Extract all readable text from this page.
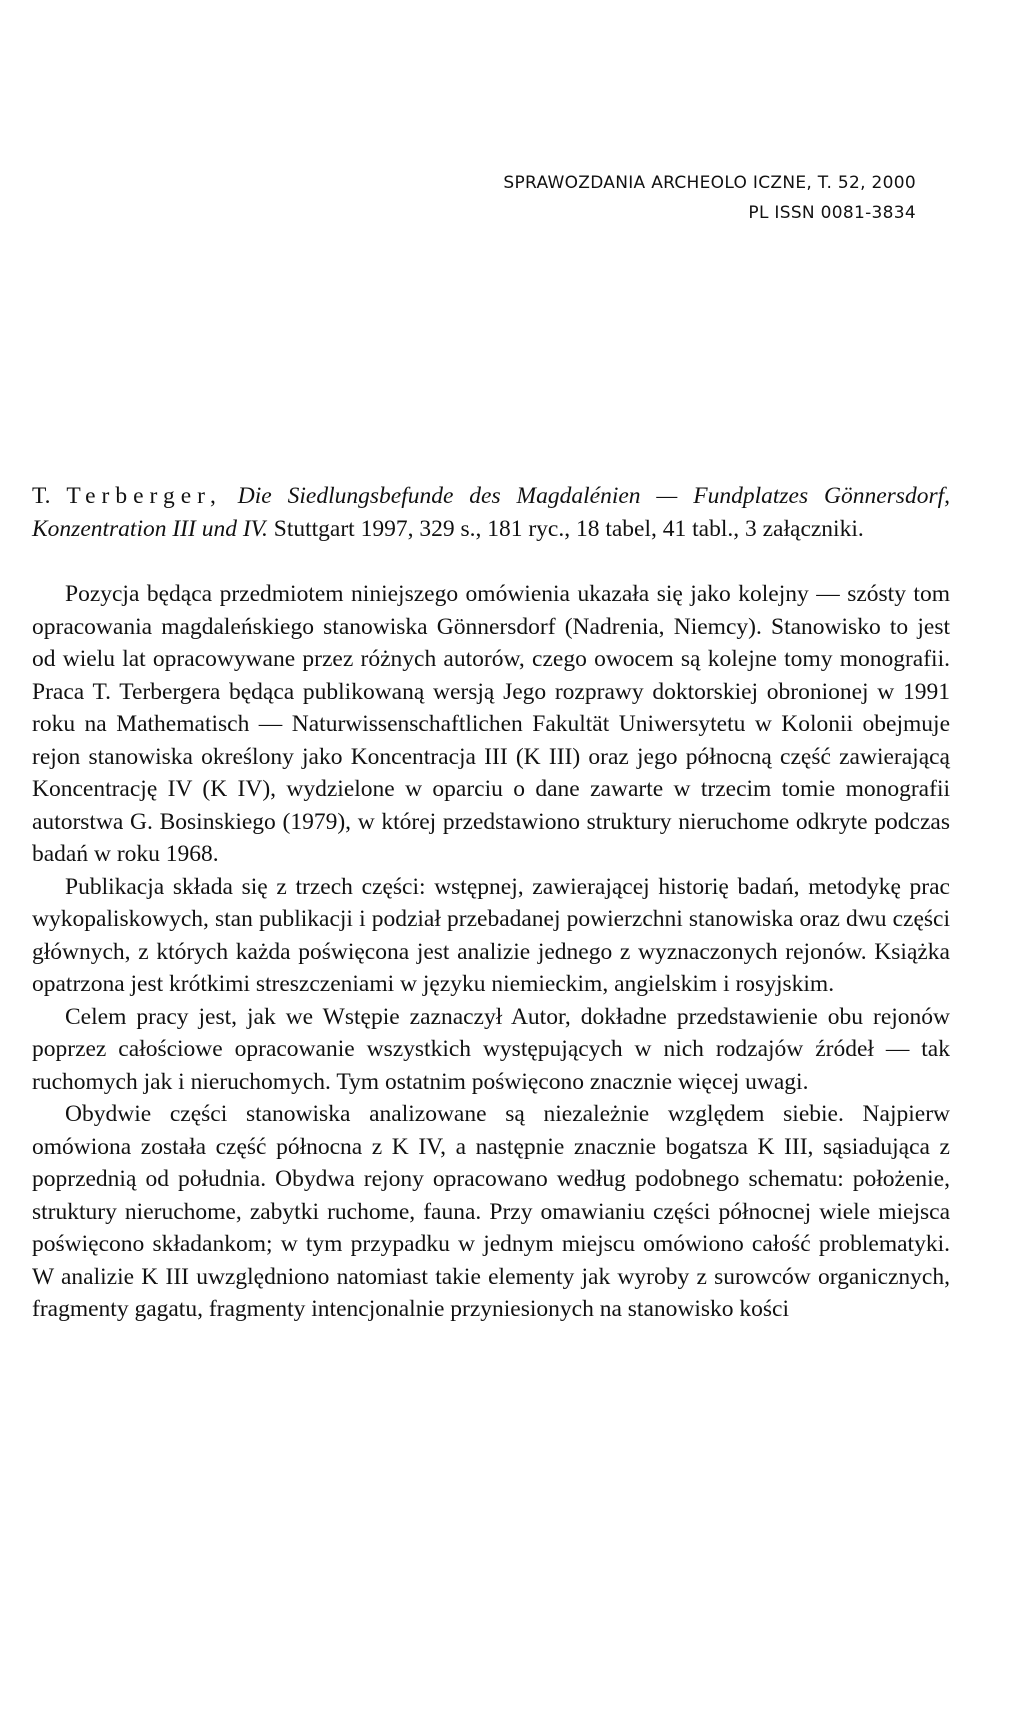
SPRAWOZDANIA ARCHEOLO ICZNE, T. 52, 2000
PL ISSN 0081-3834

T. Terberger, Die Siedlungsbefunde des Magdalénien — Fundplatzes Gönnersdorf, Konzentration III und IV. Stuttgart 1997, 329 s., 181 ryc., 18 tabel, 41 tabl., 3 załączniki.

Pozycja będąca przedmiotem niniejszego omówienia ukazała się jako kolejny — szósty tom opracowania magdaleńskiego stanowiska Gönnersdorf (Nadrenia, Niemcy). Stanowisko to jest od wielu lat opracowywane przez różnych autorów, czego owocem są kolejne tomy monografii. Praca T. Terbergera będąca publikowaną wersją Jego rozprawy doktorskiej obronionej w 1991 roku na Mathematisch — Naturwissenschaftlichen Fakultät Uniwersytetu w Kolonii obejmuje rejon stanowiska określony jako Koncentracja III (K III) oraz jego północną część zawierającą Koncentrację IV (K IV), wydzielone w oparciu o dane zawarte w trzecim tomie monografii autorstwa G. Bosinskiego (1979), w której przedstawiono struktury nieruchome odkryte podczas badań w roku 1968.

Publikacja składa się z trzech części: wstępnej, zawierającej historię badań, metodykę prac wykopaliskowych, stan publikacji i podział przebadanej powierzchni stanowiska oraz dwu części głównych, z których każda poświęcona jest analizie jednego z wyznaczonych rejonów. Książka opatrzona jest krótkimi streszczeniami w języku niemieckim, angielskim i rosyjskim.

Celem pracy jest, jak we Wstępie zaznaczył Autor, dokładne przedstawienie obu rejonów poprzez całościowe opracowanie wszystkich występujących w nich rodzajów źródeł — tak ruchomych jak i nieruchomych. Tym ostatnim poświęcono znacznie więcej uwagi.

Obydwie części stanowiska analizowane są niezależnie względem siebie. Najpierw omówiona została część północna z K IV, a następnie znacznie bogatsza K III, sąsiadująca z poprzednią od południa. Obydwa rejony opracowano według podobnego schematu: położenie, struktury nieruchome, zabytki ruchome, fauna. Przy omawianiu części północnej wiele miejsca poświęcono składankom; w tym przypadku w jednym miejscu omówiono całość problematyki. W analizie K III uwzględniono natomiast takie elementy jak wyroby z surowców organicznych, fragmenty gagatu, fragmenty intencjonalnie przyniesionych na stanowisko kości
